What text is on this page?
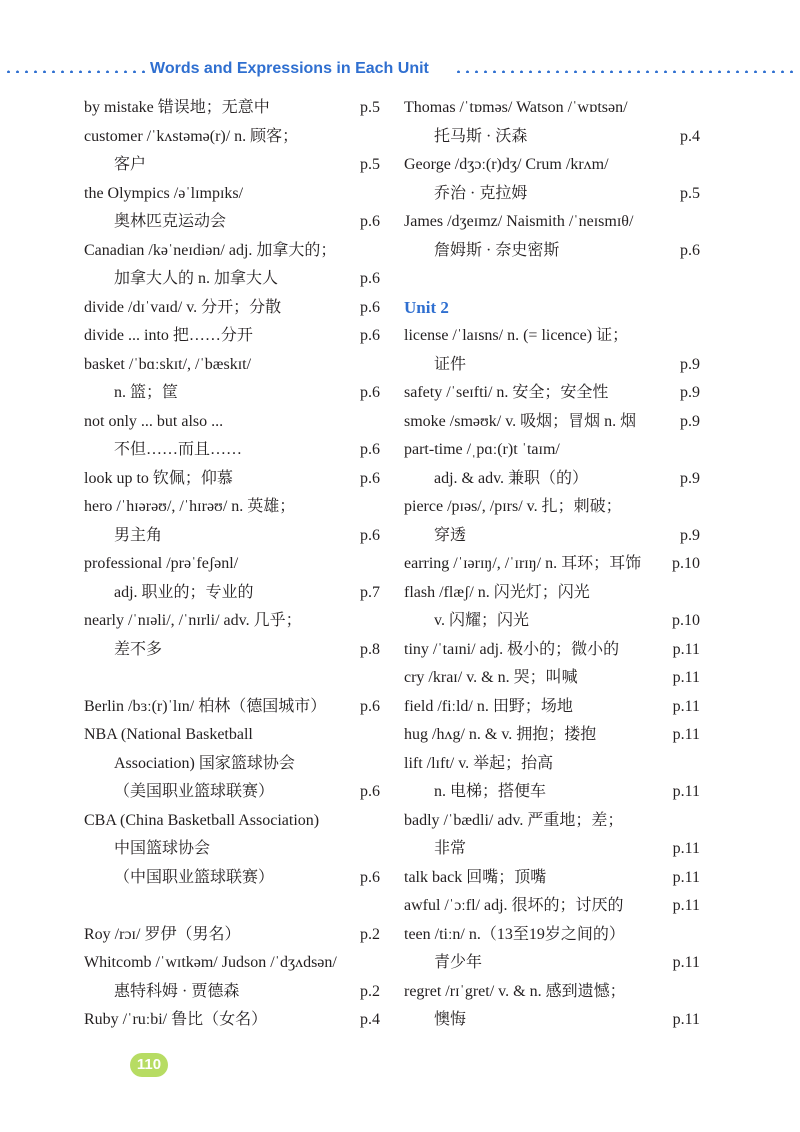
Words and Expressions in Each Unit
by mistake 错误地；无意中	p.5
customer /ˈkʌstəmə(r)/ n. 顾客；
客户	p.5
the Olympics /əˈlɪmpɪks/
奥林匹克运动会	p.6
Canadian /kəˈneɪdiən/ adj. 加拿大的；
加拿大人的 n. 加拿大人	p.6
divide /dɪˈvaɪd/ v. 分开；分散	p.6
divide ... into 把……分开	p.6
basket /ˈbɑːskɪt/, /ˈbæskɪt/
n. 篮；筐	p.6
not only ... but also ...
不但……而且……	p.6
look up to 钦佩；仰慕	p.6
hero /ˈhɪərəʊ/, /ˈhɪrəʊ/ n. 英雄；
男主角	p.6
professional /prəˈfeʃənl/
adj. 职业的；专业的	p.7
nearly /ˈnɪəli/, /ˈnɪrli/ adv. 几乎；
差不多	p.8
Berlin /bɜː(r)ˈlɪn/ 柏林（德国城市）	p.6
NBA (National Basketball
Association) 国家篮球协会
（美国职业篮球联赛）	p.6
CBA (China Basketball Association)
中国篮球协会
（中国职业篮球联赛）	p.6
Roy /rɔɪ/ 罗伊（男名）	p.2
Whitcomb /ˈwɪtkəm/ Judson /ˈdʒʌdsən/
惠特科姆 · 贾德森	p.2
Ruby /ˈruːbi/ 鲁比（女名）	p.4
Thomas /ˈtɒməs/ Watson /ˈwɒtsən/
托马斯 · 沃森	p.4
George /dʒɔː(r)dʒ/ Crum /krʌm/
乔治 · 克拉姆	p.5
James /dʒeɪmz/ Naismith /ˈneɪsmɪθ/
詹姆斯 · 奈史密斯	p.6
Unit 2
license /ˈlaɪsns/ n. (= licence) 证；
证件	p.9
safety /ˈseɪfti/ n. 安全；安全性	p.9
smoke /sməʊk/ v. 吸烟；冒烟 n. 烟	p.9
part-time /ˌpɑː(r)t ˈtaɪm/
adj. & adv. 兼职（的）	p.9
pierce /pɪəs/, /pɪrs/ v. 扎；刺破；
穿透	p.9
earring /ˈɪərɪŋ/, /ˈɪrɪŋ/ n. 耳环；耳饰	p.10
flash /flæʃ/ n. 闪光灯；闪光
v. 闪耀；闪光	p.10
tiny /ˈtaɪni/ adj. 极小的；微小的	p.11
cry /kraɪ/ v. & n. 哭；叫喊	p.11
field /fiːld/ n. 田野；场地	p.11
hug /hʌg/ n. & v. 拥抱；搂抱	p.11
lift /lɪft/ v. 举起；抬高
n. 电梯；搭便车	p.11
badly /ˈbædli/ adv. 严重地；差；
非常	p.11
talk back 回嘴；顶嘴	p.11
awful /ˈɔːfl/ adj. 很坏的；讨厌的	p.11
teen /tiːn/ n.（13至19岁之间的）
青少年	p.11
regret /rɪˈgret/ v. & n. 感到遗憾；
懊悔	p.11
110
